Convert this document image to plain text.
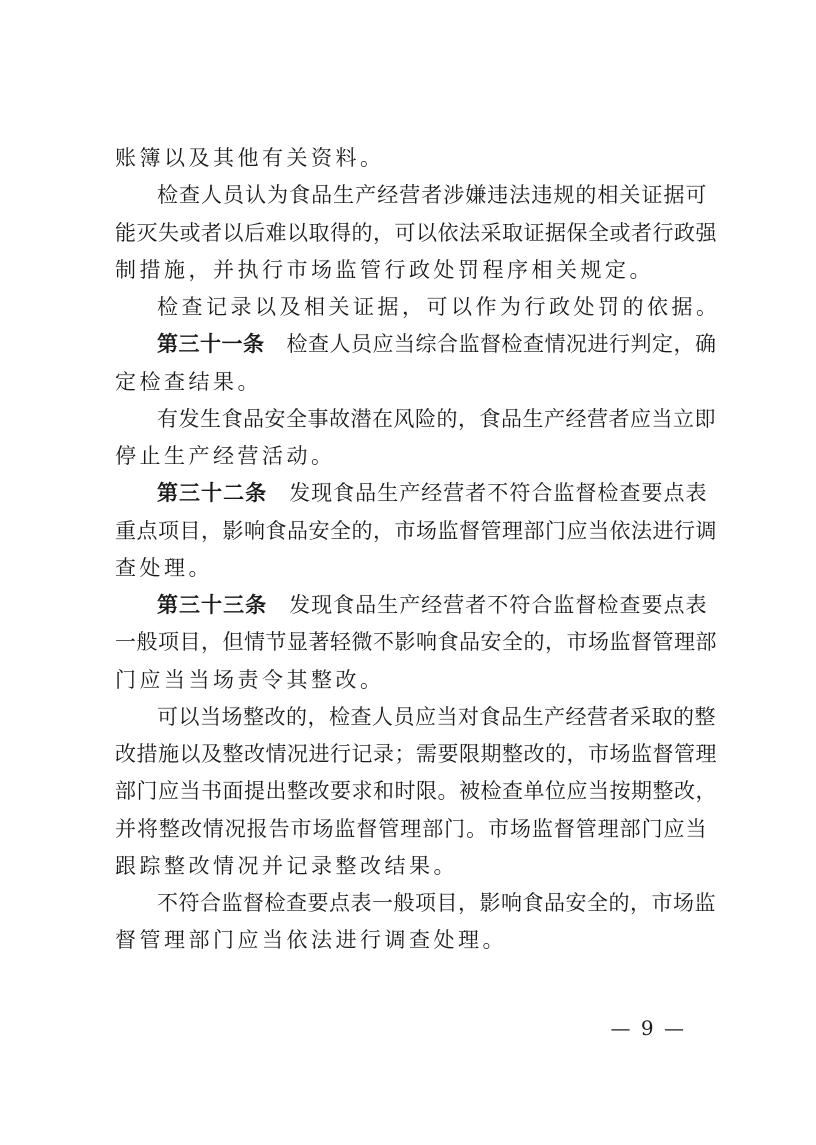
账簿以及其他有关资料。
检查人员认为食品生产经营者涉嫌违法违规的相关证据可
能灭失或者以后难以取得的，可以依法采取证据保全或者行政强
制措施，并执行市场监管行政处罚程序相关规定。
检查记录以及相关证据，可以作为行政处罚的依据。
第三十一条 检查人员应当综合监督检查情况进行判定，确
定检查结果。
有发生食品安全事故潜在风险的，食品生产经营者应当立即
停止生产经营活动。
第三十二条 发现食品生产经营者不符合监督检查要点表
重点项目，影响食品安全的，市场监督管理部门应当依法进行调
查处理。
第三十三条 发现食品生产经营者不符合监督检查要点表
一般项目，但情节显著轻微不影响食品安全的，市场监督管理部
门应当当场责令其整改。
可以当场整改的，检查人员应当对食品生产经营者采取的整
改措施以及整改情况进行记录；需要限期整改的，市场监督管理
部门应当书面提出整改要求和时限。被检查单位应当按期整改，
并将整改情况报告市场监督管理部门。市场监督管理部门应当
跟踪整改情况并记录整改结果。
不符合监督检查要点表一般项目，影响食品安全的，市场监
督管理部门应当依法进行调查处理。
— 9 —
